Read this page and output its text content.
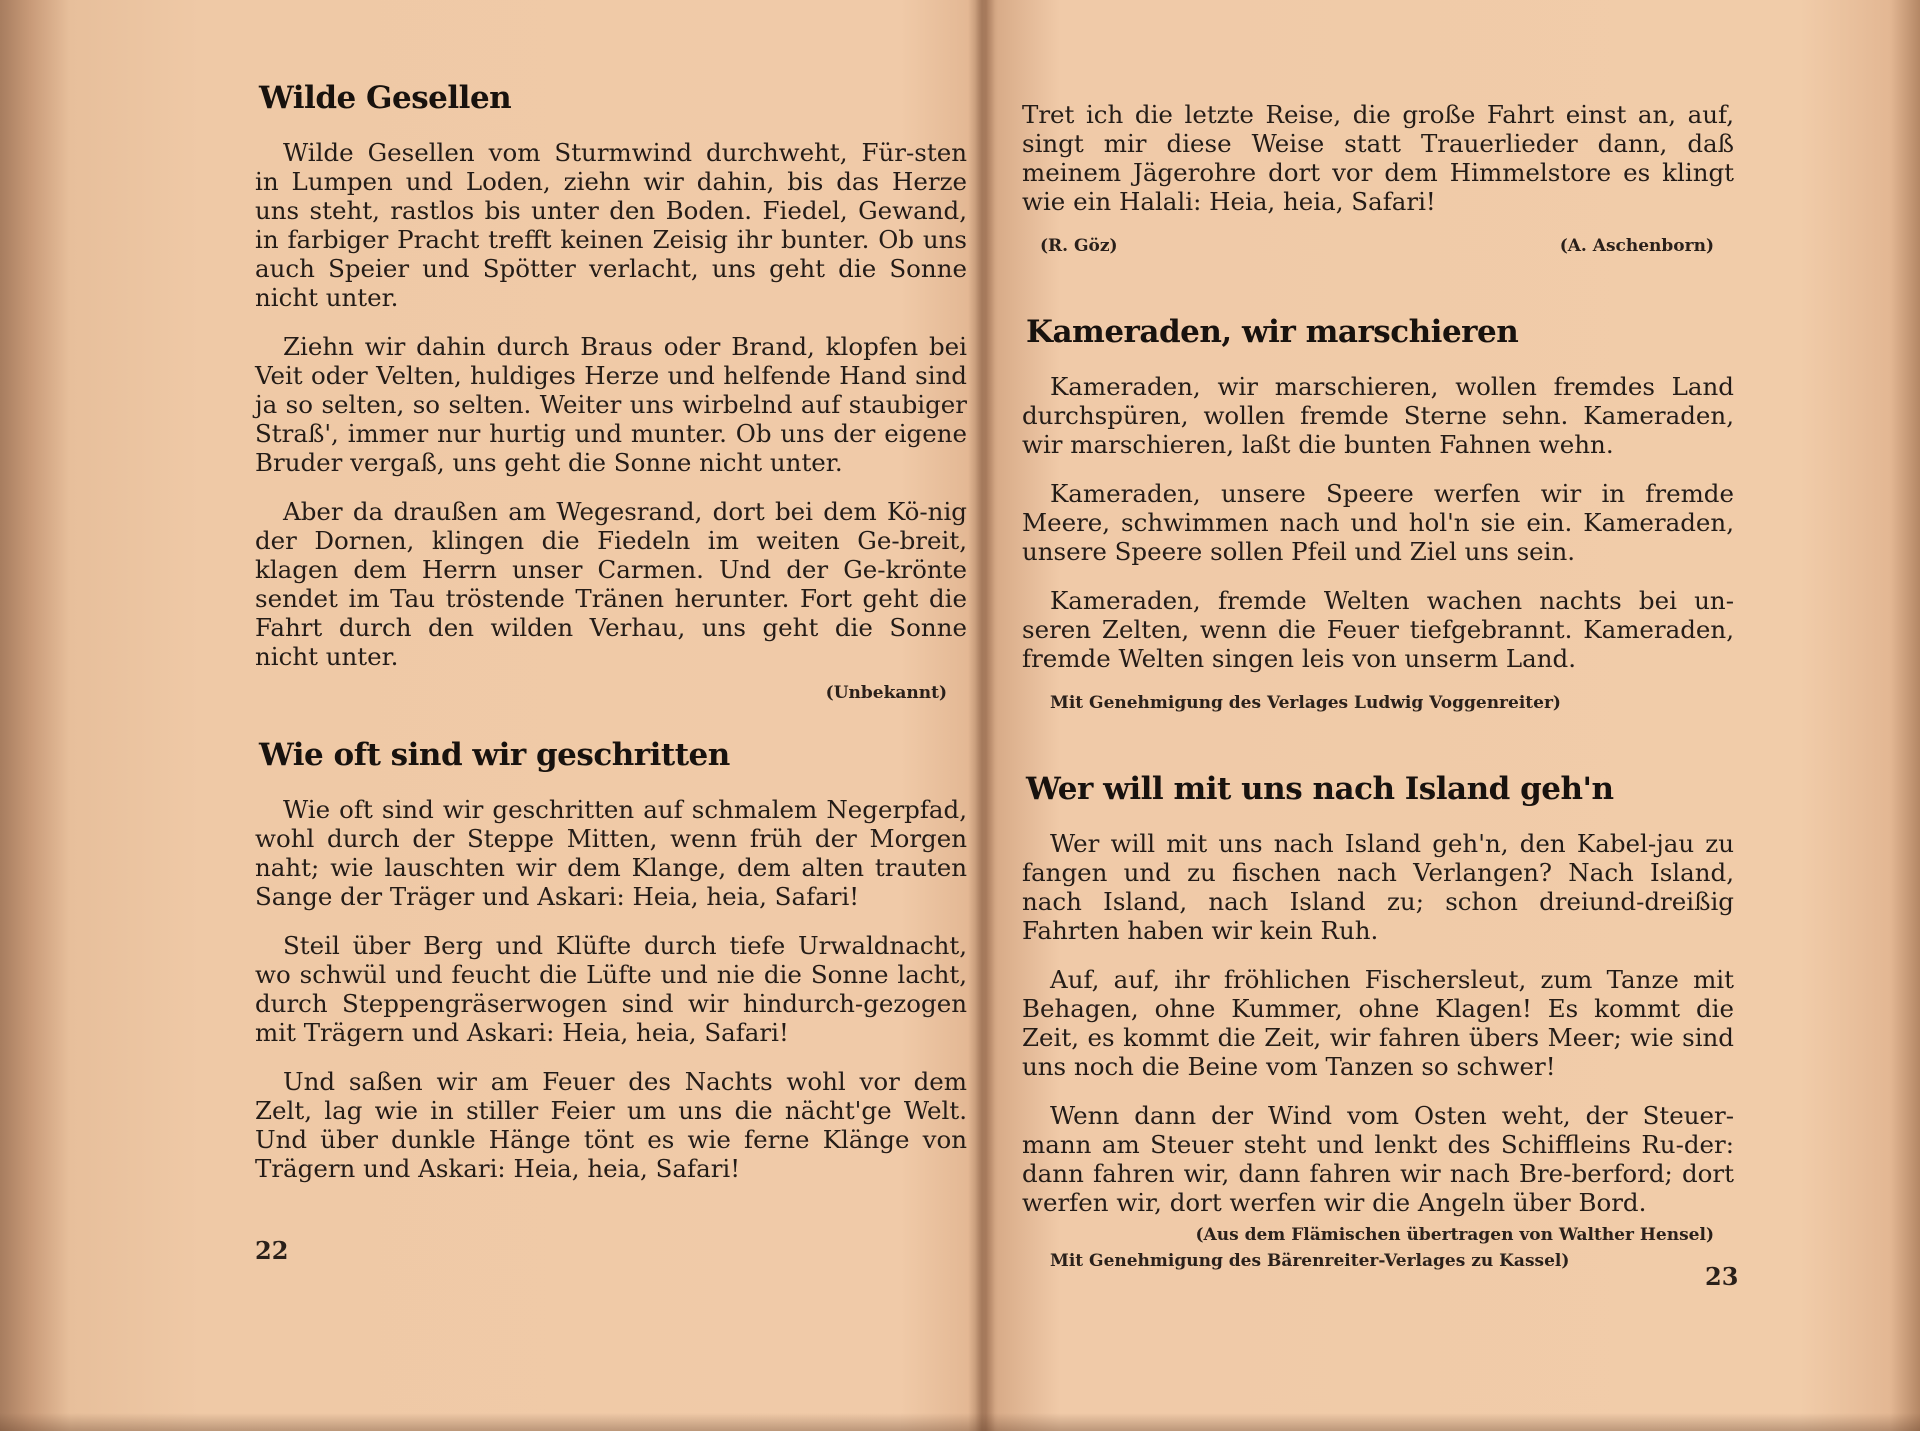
Wilde Gesellen

Wilde Gesellen vom Sturmwind durchweht, Für-sten in Lumpen und Loden, ziehn wir dahin, bis das Herze uns steht, rastlos bis unter den Boden. Fiedel, Gewand, in farbiger Pracht trefft keinen Zeisig ihr bunter. Ob uns auch Speier und Spötter verlacht, uns geht die Sonne nicht unter.

Ziehn wir dahin durch Braus oder Brand, klopfen bei Veit oder Velten, huldiges Herze und helfende Hand sind ja so selten, so selten. Weiter uns wirbelnd auf staubiger Straß', immer nur hurtig und munter. Ob uns der eigene Bruder vergaß, uns geht die Sonne nicht unter.

Aber da draußen am Wegesrand, dort bei dem Kö-nig der Dornen, klingen die Fiedeln im weiten Ge-breit, klagen dem Herrn unser Carmen. Und der Ge-krönte sendet im Tau tröstende Tränen herunter. Fort geht die Fahrt durch den wilden Verhau, uns geht die Sonne nicht unter.

(Unbekannt)
Wie oft sind wir geschritten

Wie oft sind wir geschritten auf schmalem Negerpfad, wohl durch der Steppe Mitten, wenn früh der Morgen naht; wie lauschten wir dem Klange, dem alten trauten Sange der Träger und Askari: Heia, heia, Safari!

Steil über Berg und Klüfte durch tiefe Urwaldnacht, wo schwül und feucht die Lüfte und nie die Sonne lacht, durch Steppengräserwogen sind wir hindurch-gezogen mit Trägern und Askari: Heia, heia, Safari!

Und saßen wir am Feuer des Nachts wohl vor dem Zelt, lag wie in stiller Feier um uns die nächt'ge Welt. Und über dunkle Hänge tönt es wie ferne Klänge von Trägern und Askari: Heia, heia, Safari!

22

Tret ich die letzte Reise, die große Fahrt einst an, auf, singt mir diese Weise statt Trauerlieder dann, daß meinem Jägerohre dort vor dem Himmelstore es klingt wie ein Halali: Heia, heia, Safari!

(R. Göz)	(A. Aschenborn)
Kameraden, wir marschieren

Kameraden, wir marschieren, wollen fremdes Land durchspüren, wollen fremde Sterne sehn. Kameraden, wir marschieren, laßt die bunten Fahnen wehn.

Kameraden, unsere Speere werfen wir in fremde Meere, schwimmen nach und hol'n sie ein. Kameraden, unsere Speere sollen Pfeil und Ziel uns sein.

Kameraden, fremde Welten wachen nachts bei un-seren Zelten, wenn die Feuer tiefgebrannt. Kameraden, fremde Welten singen leis von unserm Land.

Mit Genehmigung des Verlages Ludwig Voggenreiter)
Wer will mit uns nach Island geh'n

Wer will mit uns nach Island geh'n, den Kabel-jau zu fangen und zu fischen nach Verlangen? Nach Island, nach Island, nach Island zu; schon dreiund-dreißig Fahrten haben wir kein Ruh.

Auf, auf, ihr fröhlichen Fischersleut, zum Tanze mit Behagen, ohne Kummer, ohne Klagen! Es kommt die Zeit, es kommt die Zeit, wir fahren übers Meer; wie sind uns noch die Beine vom Tanzen so schwer!

Wenn dann der Wind vom Osten weht, der Steuer-mann am Steuer steht und lenkt des Schiffleins Ru-der: dann fahren wir, dann fahren wir nach Bre-berford; dort werfen wir, dort werfen wir die Angeln über Bord.

(Aus dem Flämischen übertragen von Walther Hensel)
Mit Genehmigung des Bärenreiter-Verlages zu Kassel)
23
